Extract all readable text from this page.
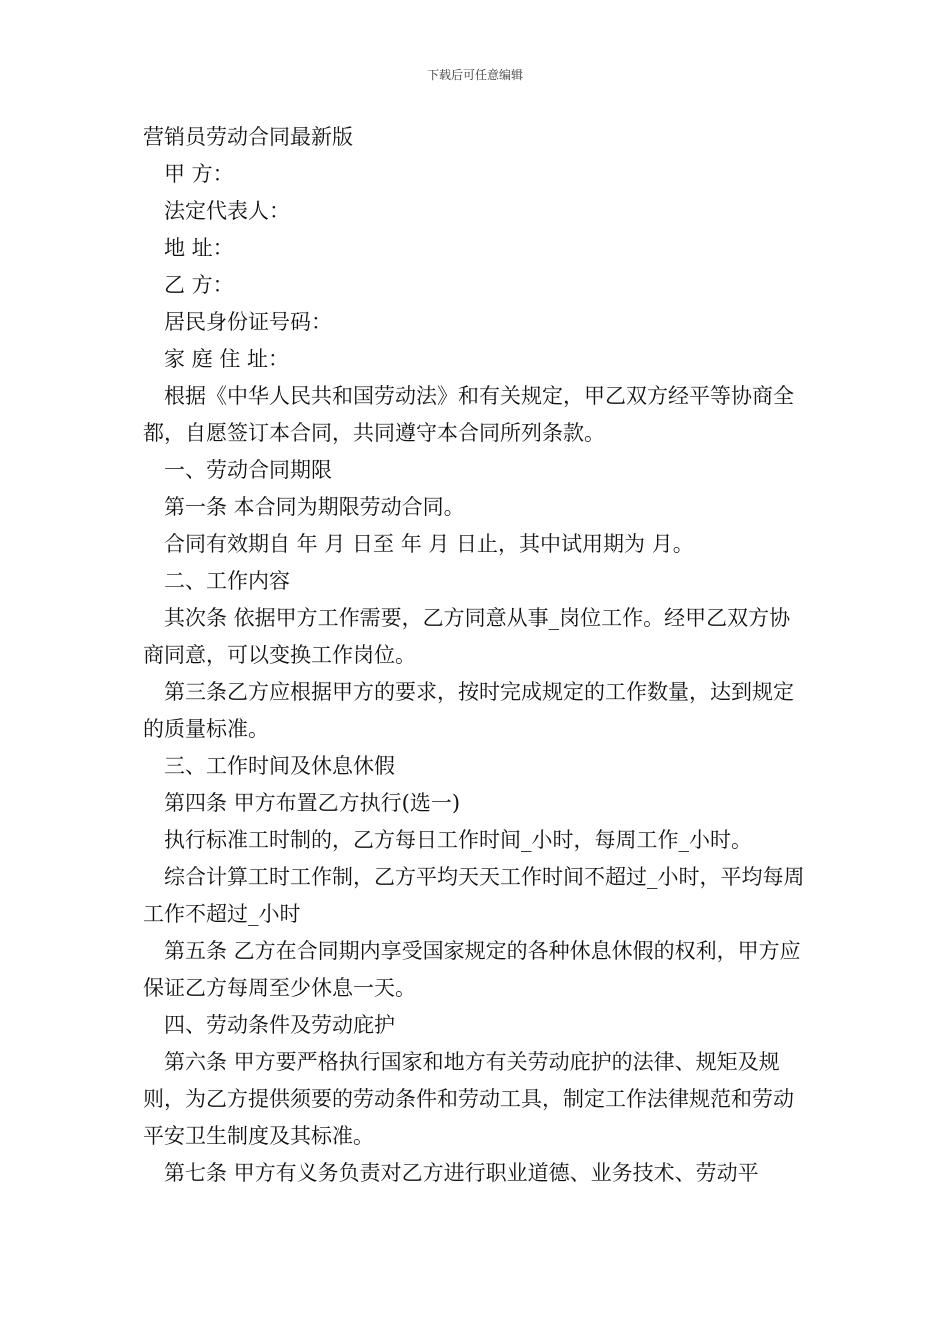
下载后可任意编辑
营销员劳动合同最新版

甲 方：

法定代表人：

地 址：

乙 方：

居民身份证号码：

家 庭 住 址：

根据《中华人民共和国劳动法》和有关规定，甲乙双方经平等协商全都，自愿签订本合同，共同遵守本合同所列条款。

一、劳动合同期限

第一条 本合同为期限劳动合同。

合同有效期自 年 月 日至 年 月 日止，其中试用期为 月。

二、工作内容

其次条 依据甲方工作需要，乙方同意从事_岗位工作。经甲乙双方协商同意，可以变换工作岗位。

第三条乙方应根据甲方的要求，按时完成规定的工作数量，达到规定的质量标准。

三、工作时间及休息休假

第四条 甲方布置乙方执行(选一)

执行标准工时制的，乙方每日工作时间_小时，每周工作_小时。

综合计算工时工作制，乙方平均天天工作时间不超过_小时，平均每周工作不超过_小时

第五条 乙方在合同期内享受国家规定的各种休息休假的权利，甲方应保证乙方每周至少休息一天。

四、劳动条件及劳动庇护

第六条 甲方要严格执行国家和地方有关劳动庇护的法律、规矩及规则，为乙方提供须要的劳动条件和劳动工具，制定工作法律规范和劳动平安卫生制度及其标准。

第七条 甲方有义务负责对乙方进行职业道德、业务技术、劳动平
